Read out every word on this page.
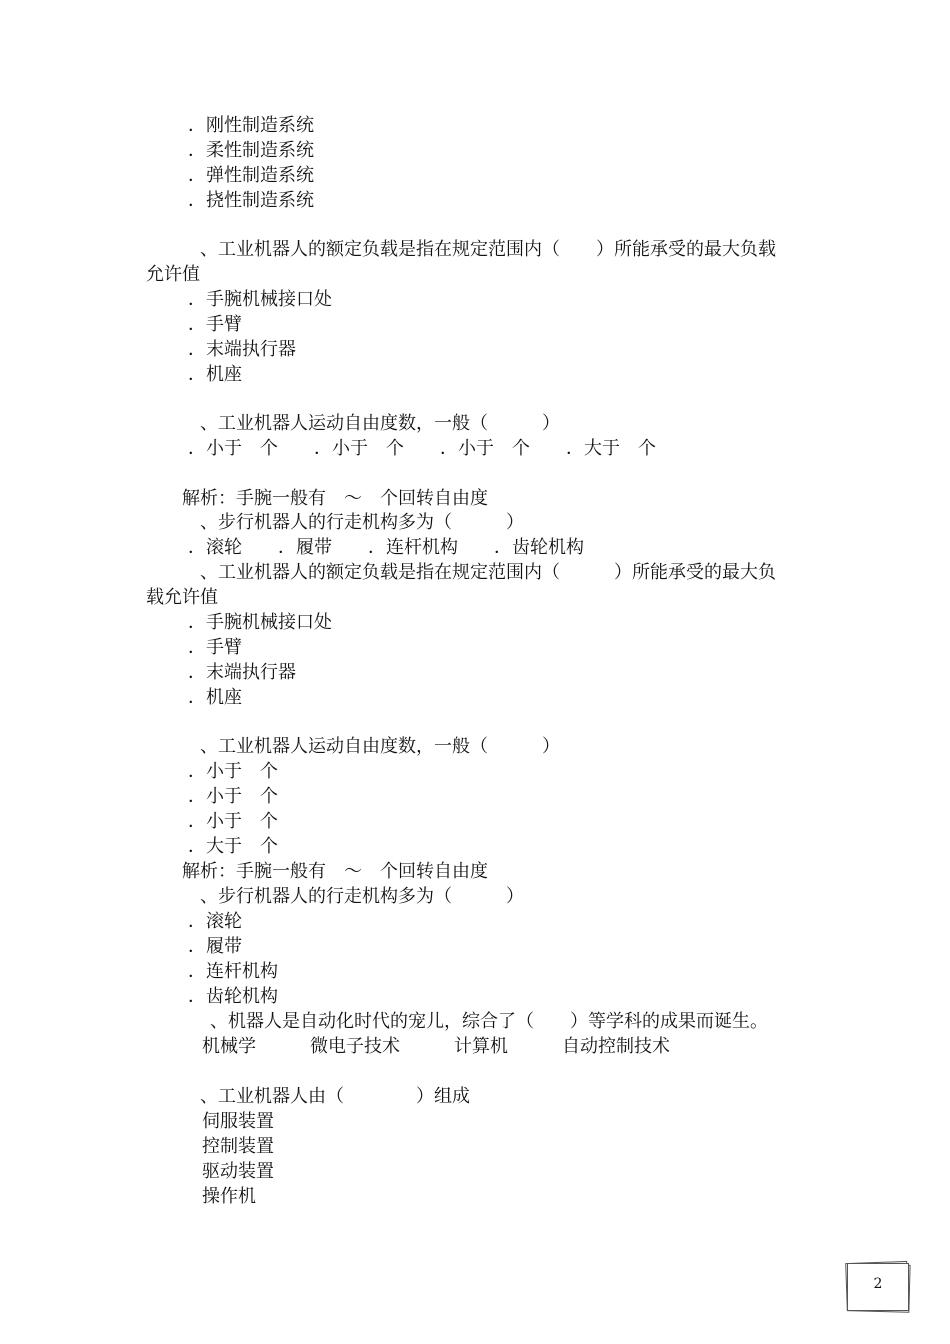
．刚性制造系统

．柔性制造系统

．弹性制造系统

．挠性制造系统

、工业机器人的额定负载是指在规定范围内（　　）所能承受的最大负载

允许值

．手腕机械接口处

．手臂

．末端执行器

．机座

、工业机器人运动自由度数，一般（　　　）

．小于　个　　．小于　个　　．小于　个　　．大于　个

解析：手腕一般有　～　个回转自由度

、步行机器人的行走机构多为（　　　）

．滚轮　　．履带　　．连杆机构　　．齿轮机构

、工业机器人的额定负载是指在规定范围内（　　　）所能承受的最大负

载允许值

．手腕机械接口处

．手臂

．末端执行器

．机座

、工业机器人运动自由度数，一般（　　　）

．小于　个

．小于　个

．小于　个

．大于　个

解析：手腕一般有　～　个回转自由度

、步行机器人的行走机构多为（　　　）

．滚轮

．履带

．连杆机构

．齿轮机构

、机器人是自动化时代的宠儿，综合了（　　）等学科的成果而诞生。

机械学　　　微电子技术　　　计算机　　　自动控制技术

、工业机器人由（　　　　）组成

伺服装置

控制装置

驱动装置

操作机

2
